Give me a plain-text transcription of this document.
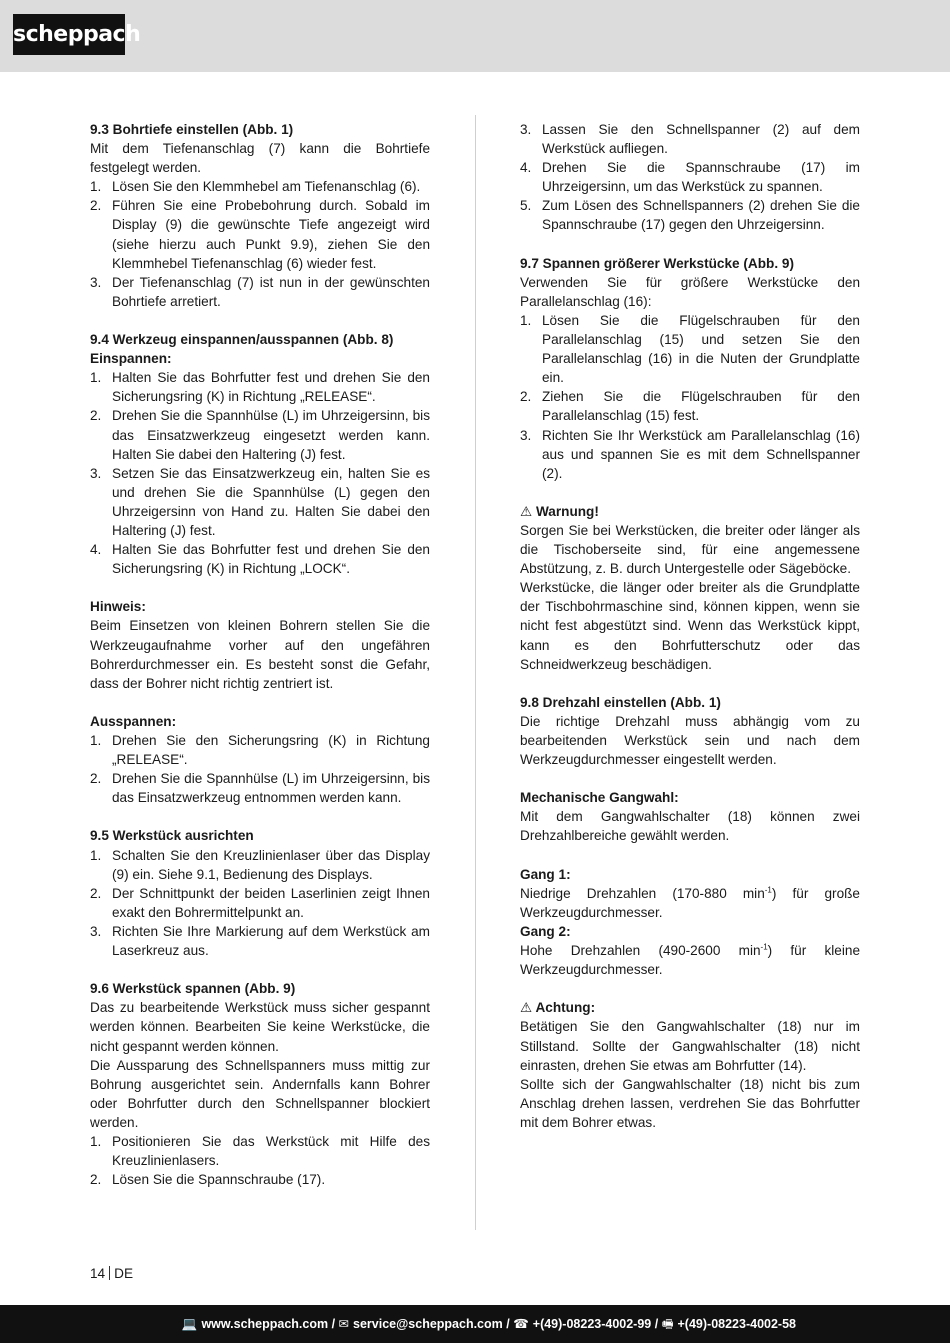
scheppach
9.3 Bohrtiefe einstellen (Abb. 1)
Mit dem Tiefenanschlag (7) kann die Bohrtiefe festgelegt werden.
1. Lösen Sie den Klemmhebel am Tiefenanschlag (6).
2. Führen Sie eine Probebohrung durch. Sobald im Display (9) die gewünschte Tiefe angezeigt wird (siehe hierzu auch Punkt 9.9), ziehen Sie den Klemmhebel Tiefenanschlag (6) wieder fest.
3. Der Tiefenanschlag (7) ist nun in der gewünschten Bohrtiefe arretiert.
9.4 Werkzeug einspannen/ausspannen (Abb. 8)
Einspannen:
1. Halten Sie das Bohrfutter fest und drehen Sie den Sicherungsring (K) in Richtung „RELEASE“.
2. Drehen Sie die Spannhülse (L) im Uhrzeigersinn, bis das Einsatzwerkzeug eingesetzt werden kann. Halten Sie dabei den Haltering (J) fest.
3. Setzen Sie das Einsatzwerkzeug ein, halten Sie es und drehen Sie die Spannhülse (L) gegen den Uhrzeigersinn von Hand zu. Halten Sie dabei den Haltering (J) fest.
4. Halten Sie das Bohrfutter fest und drehen Sie den Sicherungsring (K) in Richtung „LOCK“.
Hinweis:
Beim Einsetzen von kleinen Bohrern stellen Sie die Werkzeugaufnahme vorher auf den ungefähren Bohrerdurchmesser ein. Es besteht sonst die Gefahr, dass der Bohrer nicht richtig zentriert ist.
Ausspannen:
1. Drehen Sie den Sicherungsring (K) in Richtung „RELEASE“.
2. Drehen Sie die Spannhülse (L) im Uhrzeigersinn, bis das Einsatzwerkzeug entnommen werden kann.
9.5 Werkstück ausrichten
1. Schalten Sie den Kreuzlinienlaser über das Display (9) ein. Siehe 9.1, Bedienung des Displays.
2. Der Schnittpunkt der beiden Laserlinien zeigt Ihnen exakt den Bohrermittelpunkt an.
3. Richten Sie Ihre Markierung auf dem Werkstück am Laserkreuz aus.
9.6 Werkstück spannen (Abb. 9)
Das zu bearbeitende Werkstück muss sicher gespannt werden können. Bearbeiten Sie keine Werkstücke, die nicht gespannt werden können.
Die Aussparung des Schnellspanners muss mittig zur Bohrung ausgerichtet sein. Andernfalls kann Bohrer oder Bohrfutter durch den Schnellspanner blockiert werden.
1. Positionieren Sie das Werkstück mit Hilfe des Kreuzlinienlasers.
2. Lösen Sie die Spannschraube (17).
3. Lassen Sie den Schnellspanner (2) auf dem Werkstück aufliegen.
4. Drehen Sie die Spannschraube (17) im Uhrzeigersinn, um das Werkstück zu spannen.
5. Zum Lösen des Schnellspanners (2) drehen Sie die Spannschraube (17) gegen den Uhrzeigersinn.
9.7 Spannen größerer Werkstücke (Abb. 9)
Verwenden Sie für größere Werkstücke den Parallelanschlag (16):
1. Lösen Sie die Flügelschrauben für den Parallelanschlag (15) und setzen Sie den Parallelanschlag (16) in die Nuten der Grundplatte ein.
2. Ziehen Sie die Flügelschrauben für den Parallelanschlag (15) fest.
3. Richten Sie Ihr Werkstück am Parallelanschlag (16) aus und spannen Sie es mit dem Schnellspanner (2).
⚠ Warnung!
Sorgen Sie bei Werkstücken, die breiter oder länger als die Tischoberseite sind, für eine angemessene Abstützung, z. B. durch Untergestelle oder Sägeböcke.
Werkstücke, die länger oder breiter als die Grundplatte der Tischbohrmaschine sind, können kippen, wenn sie nicht fest abgestützt sind. Wenn das Werkstück kippt, kann es den Bohrfutterschutz oder das Schneidwerkzeug beschädigen.
9.8 Drehzahl einstellen (Abb. 1)
Die richtige Drehzahl muss abhängig vom zu bearbeitenden Werkstück sein und nach dem Werkzeugdurchmesser eingestellt werden.
Mechanische Gangwahl:
Mit dem Gangwahlschalter (18) können zwei Drehzahlbereiche gewählt werden.
Gang 1:
Niedrige Drehzahlen (170-880 $\min^{-1}$) für große Werkzeugdurchmesser.
Gang 2:
Hohe Drehzahlen (490-2600 $\min^{-1}$) für kleine Werkzeugdurchmesser.
⚠ Achtung:
Betätigen Sie den Gangwahlschalter (18) nur im Stillstand. Sollte der Gangwahlschalter (18) nicht einrasten, drehen Sie etwas am Bohrfutter (14).
Sollte sich der Gangwahlschalter (18) nicht bis zum Anschlag drehen lassen, verdrehen Sie das Bohrfutter mit dem Bohrer etwas.
14 DE
💻 www.scheppach.com / ✉ service@scheppach.com / ☎ +(49)-08223-4002-99 / 🖷 +(49)-08223-4002-58
